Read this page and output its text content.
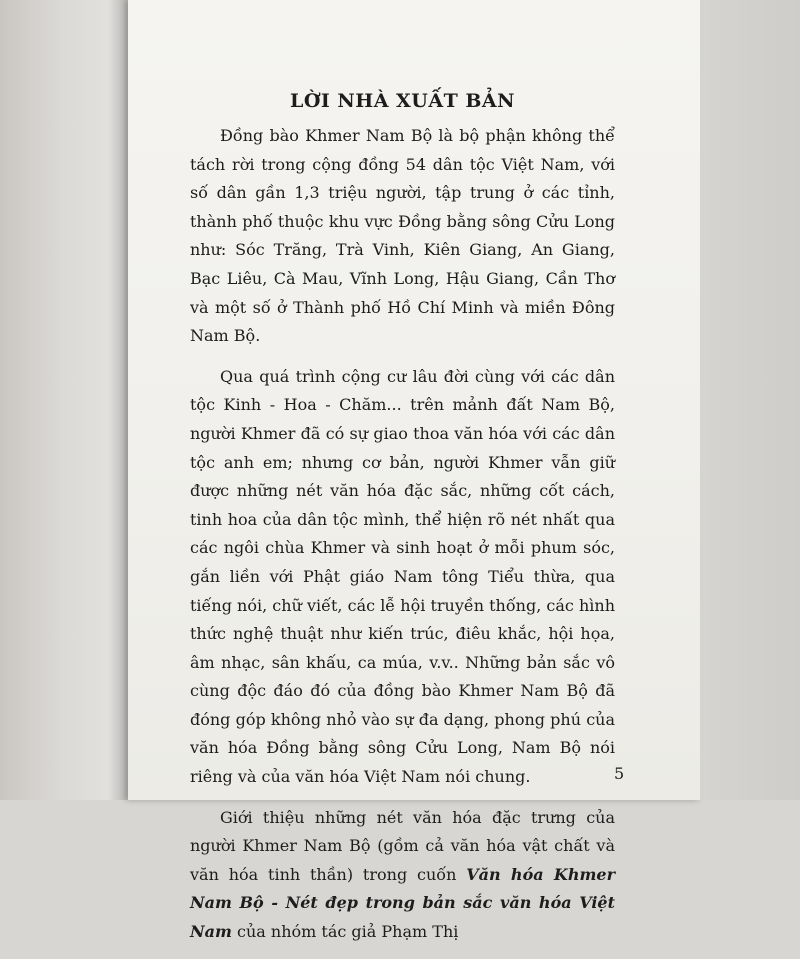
LỜI NHÀ XUẤT BẢN

Đồng bào Khmer Nam Bộ là bộ phận không thể tách rời trong cộng đồng 54 dân tộc Việt Nam, với số dân gần 1,3 triệu người, tập trung ở các tỉnh, thành phố thuộc khu vực Đồng bằng sông Cửu Long như: Sóc Trăng, Trà Vinh, Kiên Giang, An Giang, Bạc Liêu, Cà Mau, Vĩnh Long, Hậu Giang, Cần Thơ và một số ở Thành phố Hồ Chí Minh và miền Đông Nam Bộ.

Qua quá trình cộng cư lâu đời cùng với các dân tộc Kinh - Hoa - Chăm... trên mảnh đất Nam Bộ, người Khmer đã có sự giao thoa văn hóa với các dân tộc anh em; nhưng cơ bản, người Khmer vẫn giữ được những nét văn hóa đặc sắc, những cốt cách, tinh hoa của dân tộc mình, thể hiện rõ nét nhất qua các ngôi chùa Khmer và sinh hoạt ở mỗi phum sóc, gắn liền với Phật giáo Nam tông Tiểu thừa, qua tiếng nói, chữ viết, các lễ hội truyền thống, các hình thức nghệ thuật như kiến trúc, điêu khắc, hội họa, âm nhạc, sân khấu, ca múa, v.v.. Những bản sắc vô cùng độc đáo đó của đồng bào Khmer Nam Bộ đã đóng góp không nhỏ vào sự đa dạng, phong phú của văn hóa Đồng bằng sông Cửu Long, Nam Bộ nói riêng và của văn hóa Việt Nam nói chung.

Giới thiệu những nét văn hóa đặc trưng của người Khmer Nam Bộ (gồm cả văn hóa vật chất và văn hóa tinh thần) trong cuốn Văn hóa Khmer Nam Bộ - Nét đẹp trong bản sắc văn hóa Việt Nam của nhóm tác giả Phạm Thị

5
